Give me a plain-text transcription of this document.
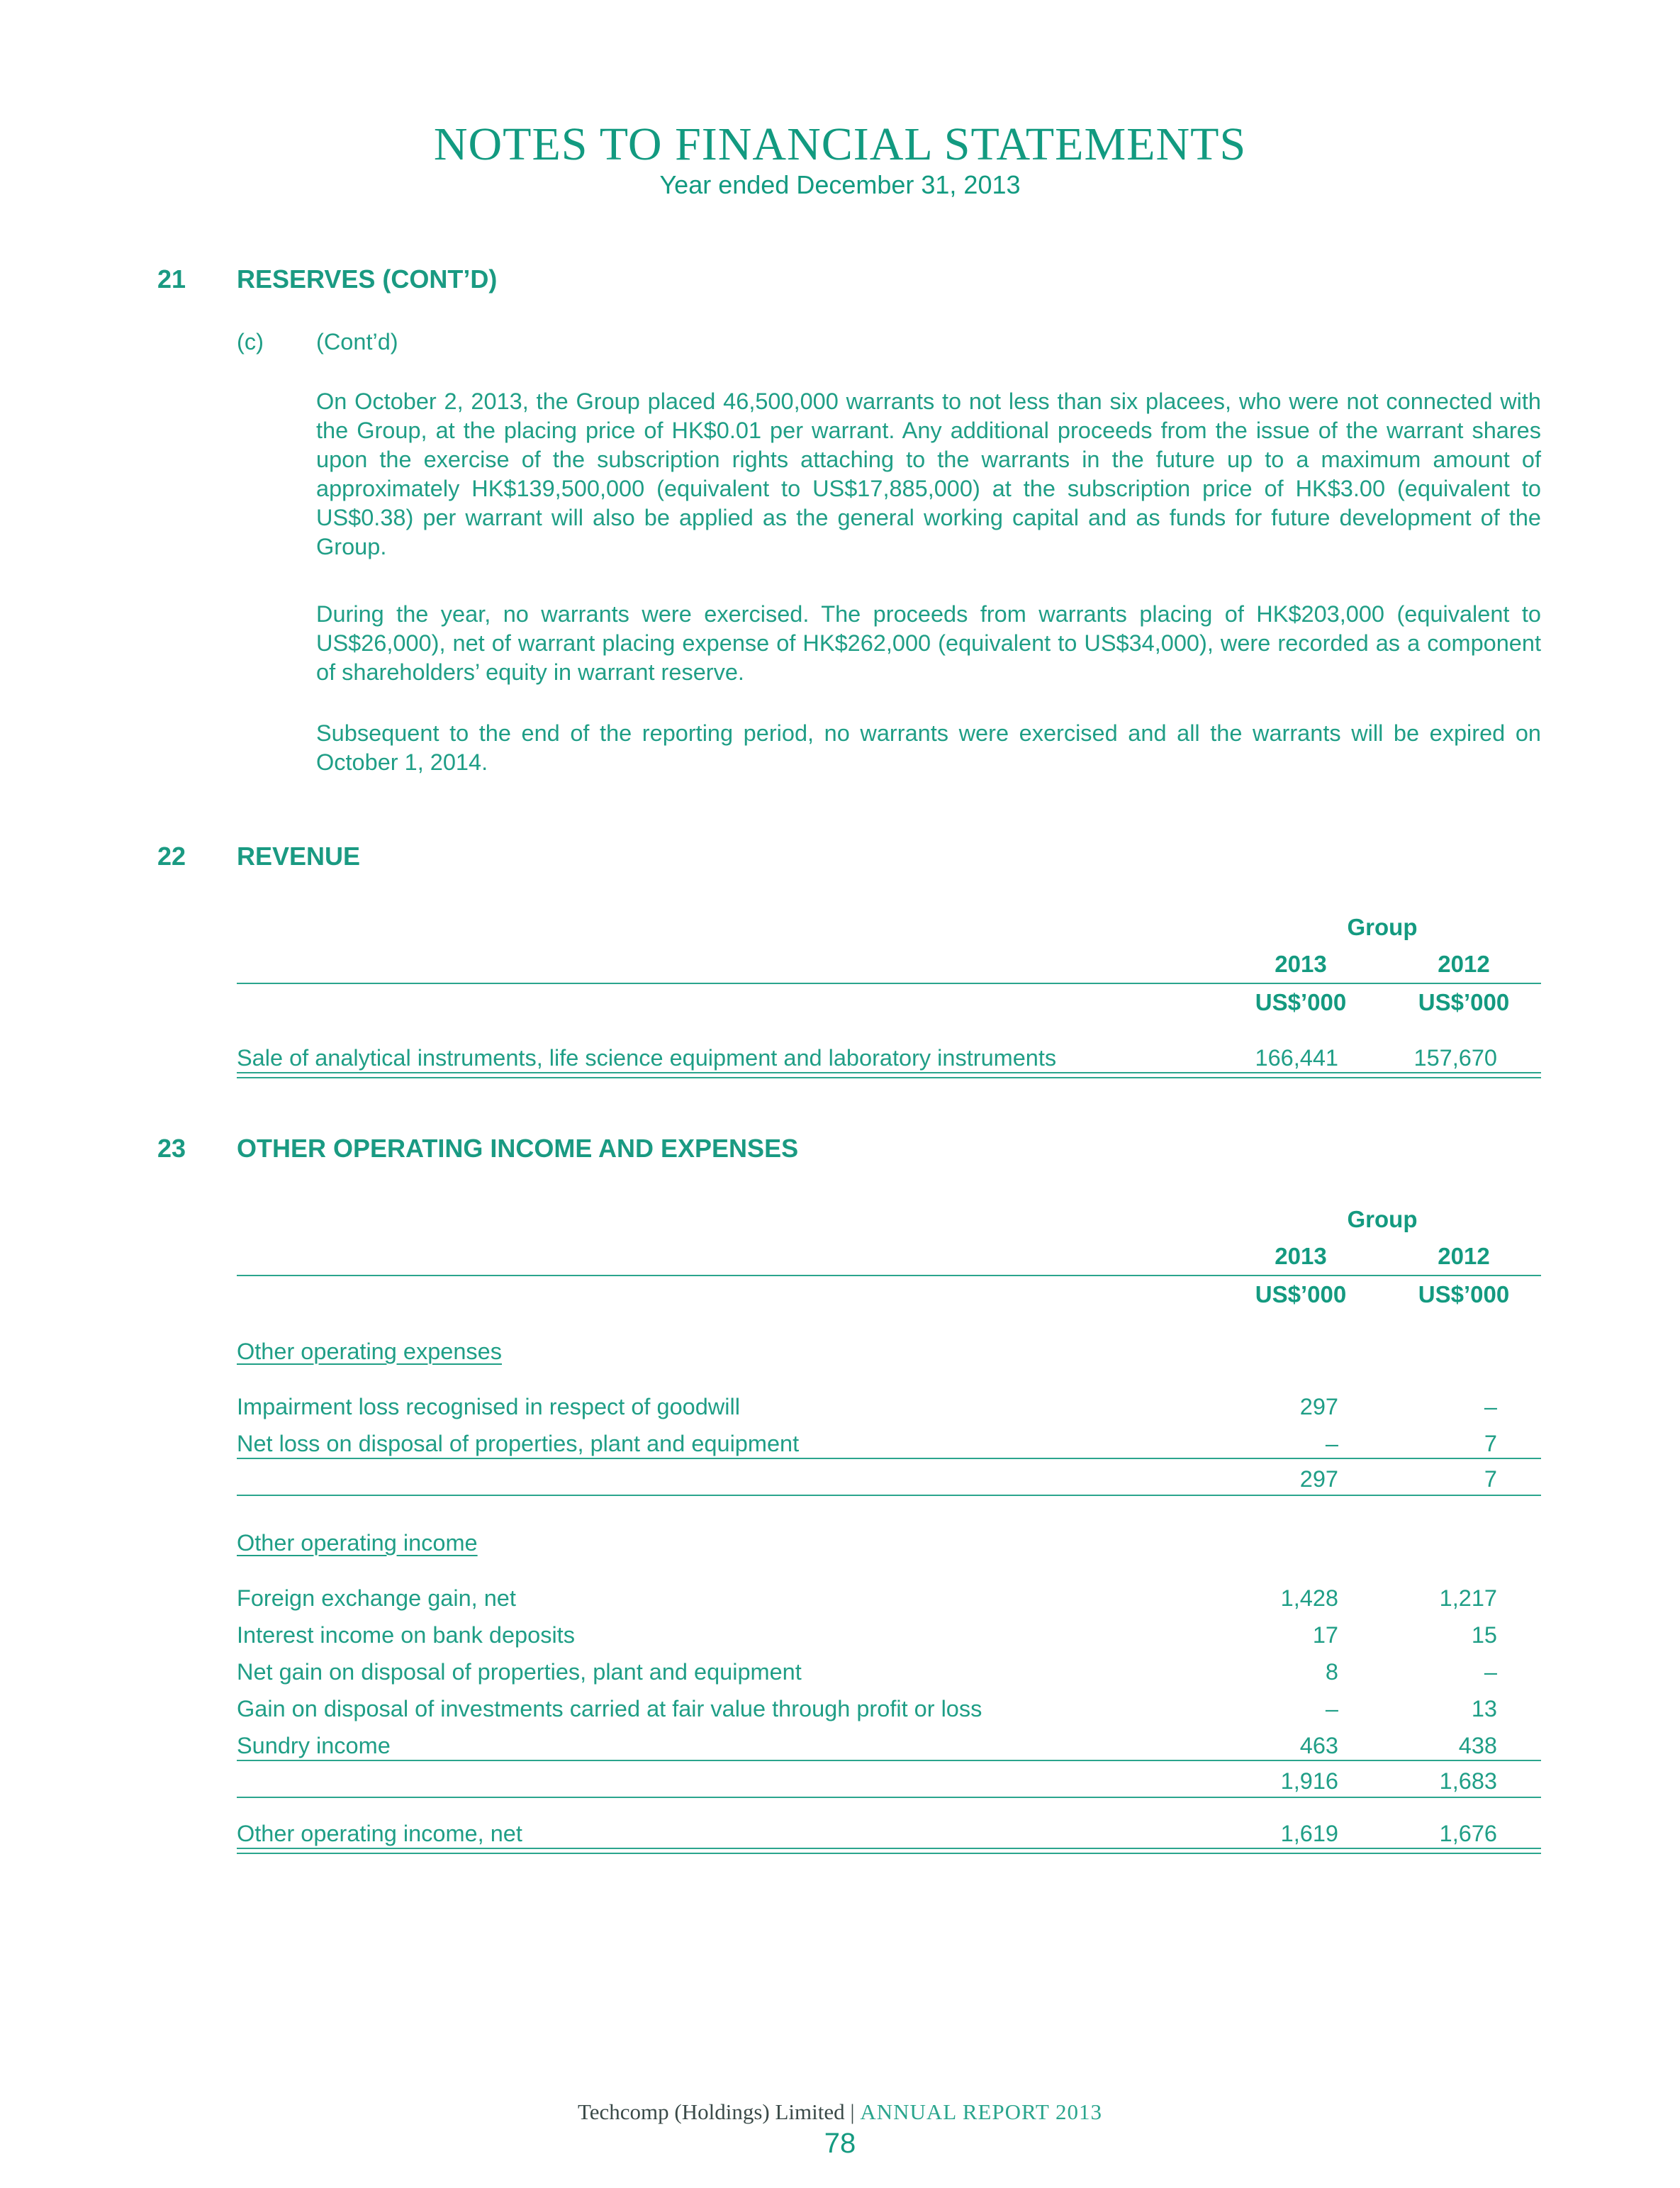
NOTES TO FINANCIAL STATEMENTS
Year ended December 31, 2013
21 RESERVES (CONT’D)
(c) (Cont’d)
On October 2, 2013, the Group placed 46,500,000 warrants to not less than six placees, who were not connected with the Group, at the placing price of HK$0.01 per warrant. Any additional proceeds from the issue of the warrant shares upon the exercise of the subscription rights attaching to the warrants in the future up to a maximum amount of approximately HK$139,500,000 (equivalent to US$17,885,000) at the subscription price of HK$3.00 (equivalent to US$0.38) per warrant will also be applied as the general working capital and as funds for future development of the Group.
During the year, no warrants were exercised. The proceeds from warrants placing of HK$203,000 (equivalent to US$26,000), net of warrant placing expense of HK$262,000 (equivalent to US$34,000), were recorded as a component of shareholders’ equity in warrant reserve.
Subsequent to the end of the reporting period, no warrants were exercised and all the warrants will be expired on October 1, 2014.
22 REVENUE
Group
2013	2012
US$’000	US$’000
Sale of analytical instruments, life science equipment and laboratory instruments	166,441	157,670
23 OTHER OPERATING INCOME AND EXPENSES
Group
2013	2012
US$’000	US$’000
Other operating expenses
Impairment loss recognised in respect of goodwill	297	–
Net loss on disposal of properties, plant and equipment	–	7
297	7
Other operating income
Foreign exchange gain, net	1,428	1,217
Interest income on bank deposits	17	15
Net gain on disposal of properties, plant and equipment	8	–
Gain on disposal of investments carried at fair value through profit or loss	–	13
Sundry income	463	438
1,916	1,683
Other operating income, net	1,619	1,676
Techcomp (Holdings) Limited | ANNUAL REPORT 2013
78
